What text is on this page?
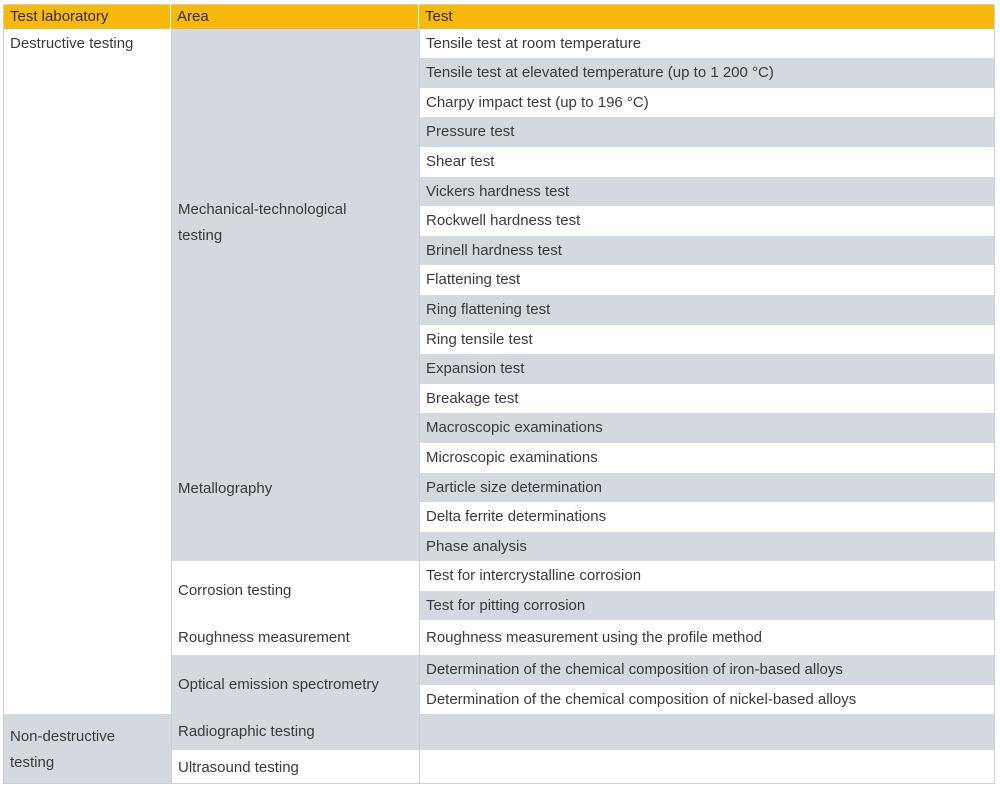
Test laboratory	Area	Test
Destructive testing
Non-destructive
testing
Mechanical-technological
testing
Metallography
Corrosion testing
Roughness measurement
Optical emission spectrometry
Radiographic testing
Ultrasound testing
Tensile test at room temperature
Tensile test at elevated temperature (up to 1 200 °C)
Charpy impact test (up to 196 °C)
Pressure test
Shear test
Vickers hardness test
Rockwell hardness test
Brinell hardness test
Flattening test
Ring flattening test
Ring tensile test
Expansion test
Breakage test
Macroscopic examinations
Microscopic examinations
Particle size determination
Delta ferrite determinations
Phase analysis
Test for intercrystalline corrosion
Test for pitting corrosion
Roughness measurement using the profile method
Determination of the chemical composition of iron-based alloys
Determination of the chemical composition of nickel-based alloys
